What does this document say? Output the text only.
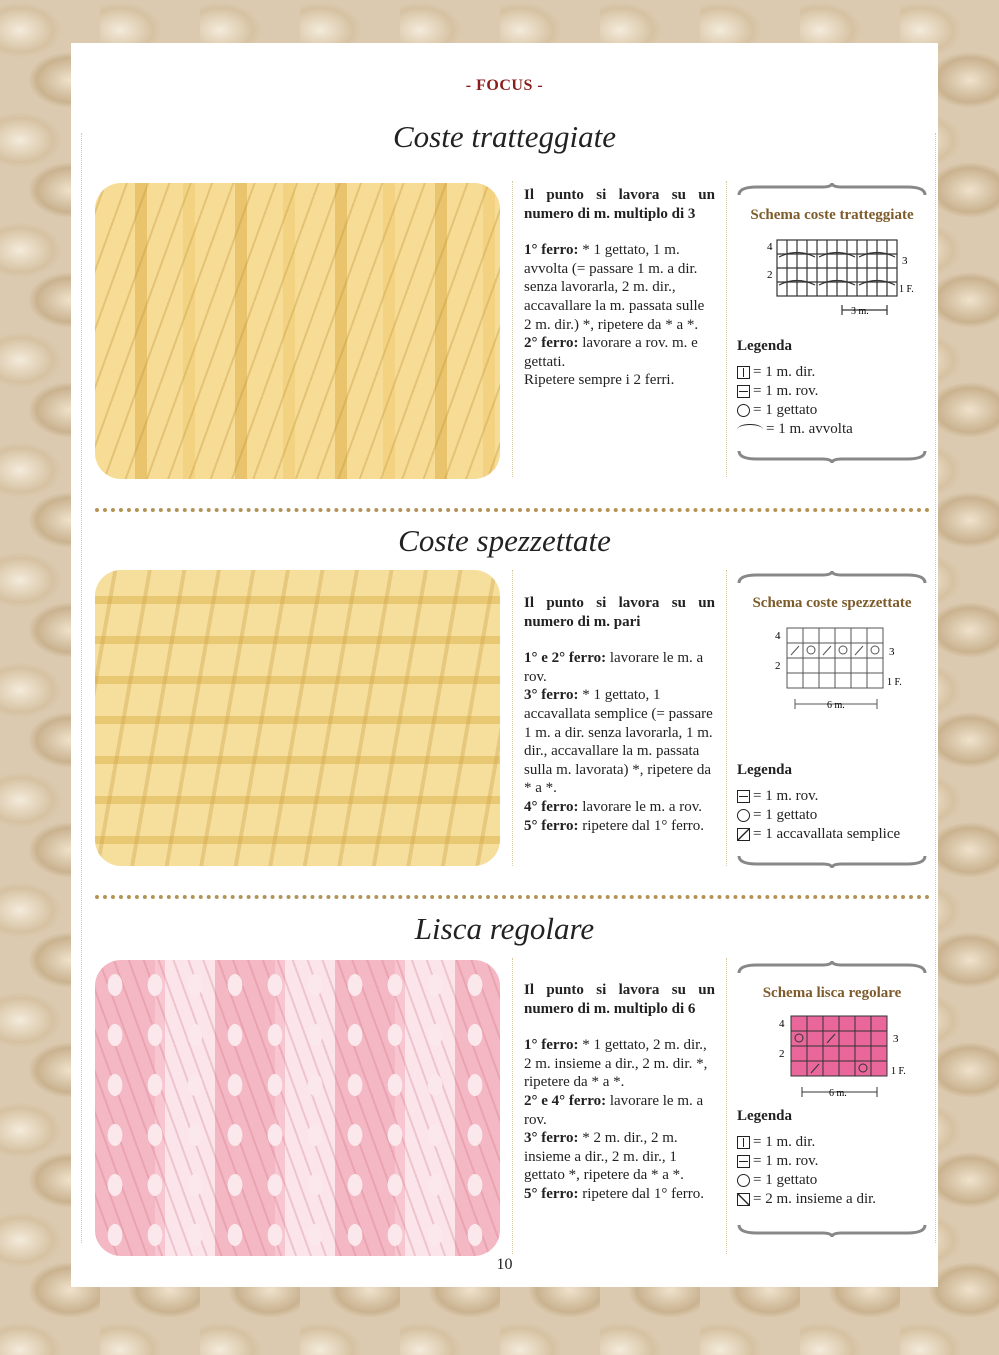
- FOCUS -
Coste tratteggiate

Il punto si lavora su un numero di m. multiplo di 3

1° ferro: * 1 gettato, 1 m. avvolta (= passare 1 m. a dir. senza lavorarla, 2 m. dir., accavallare la m. passata sulle 2 m. dir.) *, ripetere da * a *.
2° ferro: lavorare a rov. m. e gettati.
Ripetere sempre i 2 ferri.
Schema coste tratteggiate
4
3
2
1 F.
3 m.
Legenda
= 1 m. dir.
= 1 m. rov.
= 1 gettato
= 1 m. avvolta
Coste spezzettate

Il punto si lavora su un numero di m. pari

1° e 2° ferro: lavorare le m. a rov.
3° ferro: * 1 gettato, 1 accavallata semplice (= passare 1 m. a dir. senza lavorarla, 1 m. dir., accavallare la m. passata sulla m. lavorata) *, ripetere da * a *.
4° ferro: lavorare le m. a rov.
5° ferro: ripetere dal 1° ferro.
Schema coste spezzettate
4
3
2
1 F.
6 m.
Legenda
= 1 m. rov.
= 1 gettato
= 1 accavallata semplice
Lisca regolare

Il punto si lavora su un numero di m. multiplo di 6

1° ferro: * 1 gettato, 2 m. dir., 2 m. insieme a dir., 2 m. dir. *, ripetere da * a *.
2° e 4° ferro: lavorare le m. a rov.
3° ferro: * 2 m. dir., 2 m. insieme a dir., 2 m. dir., 1 gettato *, ripetere da * a *.
5° ferro: ripetere dal 1° ferro.
Schema lisca regolare
4
3
2
1 F.
6 m.
Legenda
= 1 m. dir.
= 1 m. rov.
= 1 gettato
= 2 m. insieme a dir.
10
